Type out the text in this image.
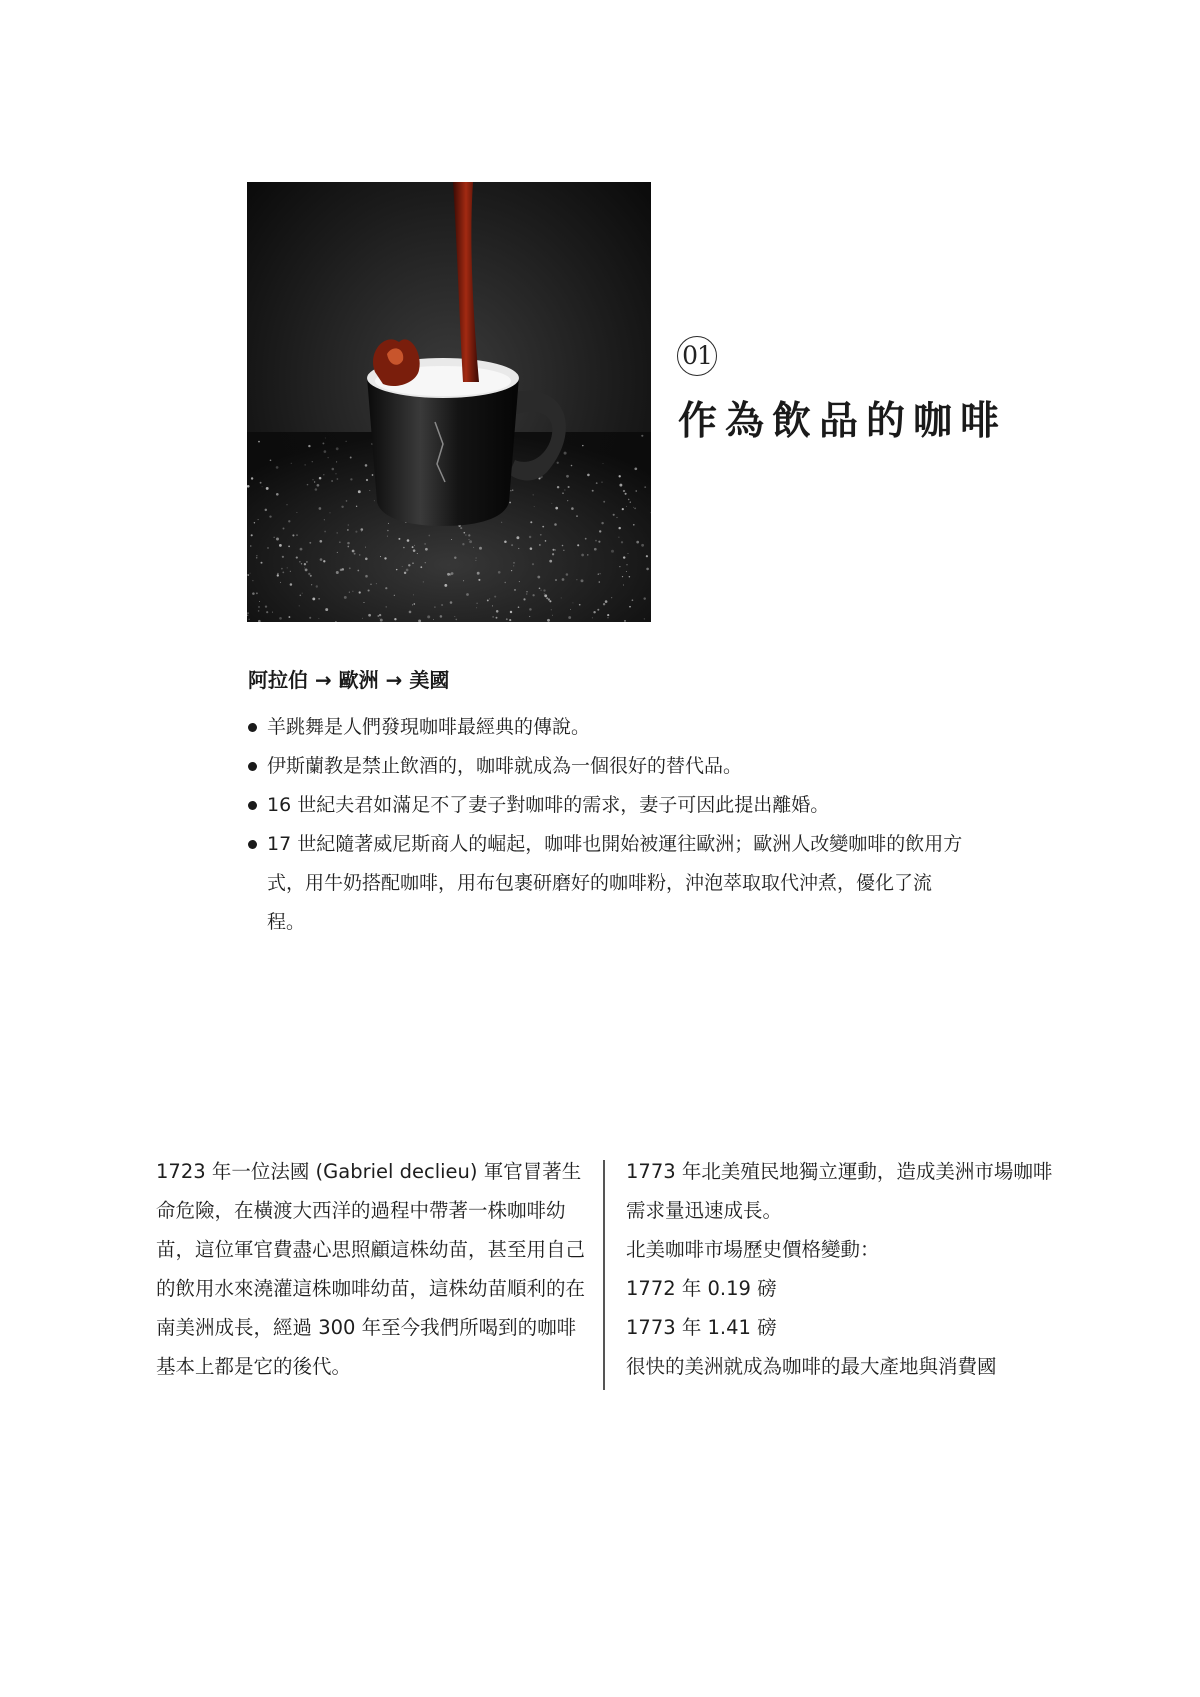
01
作為飲品的咖啡
阿拉伯 → 歐洲 → 美國
羊跳舞是人們發現咖啡最經典的傳說。
伊斯蘭教是禁止飲酒的，咖啡就成為一個很好的替代品。
16 世紀夫君如滿足不了妻子對咖啡的需求，妻子可因此提出離婚。
17 世紀隨著威尼斯商人的崛起，咖啡也開始被運往歐洲；歐洲人改變咖啡的飲用方式，用牛奶搭配咖啡，用布包裹研磨好的咖啡粉，沖泡萃取取代沖煮，優化了流程。

1723 年一位法國 (Gabriel declieu) 軍官冒著生命危險，在橫渡大西洋的過程中帶著一株咖啡幼苗，這位軍官費盡心思照顧這株幼苗，甚至用自己的飲用水來澆灌這株咖啡幼苗，這株幼苗順利的在南美洲成長，經過 300 年至今我們所喝到的咖啡基本上都是它的後代。

1773 年北美殖民地獨立運動，造成美洲市場咖啡需求量迅速成長。

北美咖啡市場歷史價格變動：

1772 年 0.19 磅

1773 年 1.41 磅

很快的美洲就成為咖啡的最大產地與消費國
